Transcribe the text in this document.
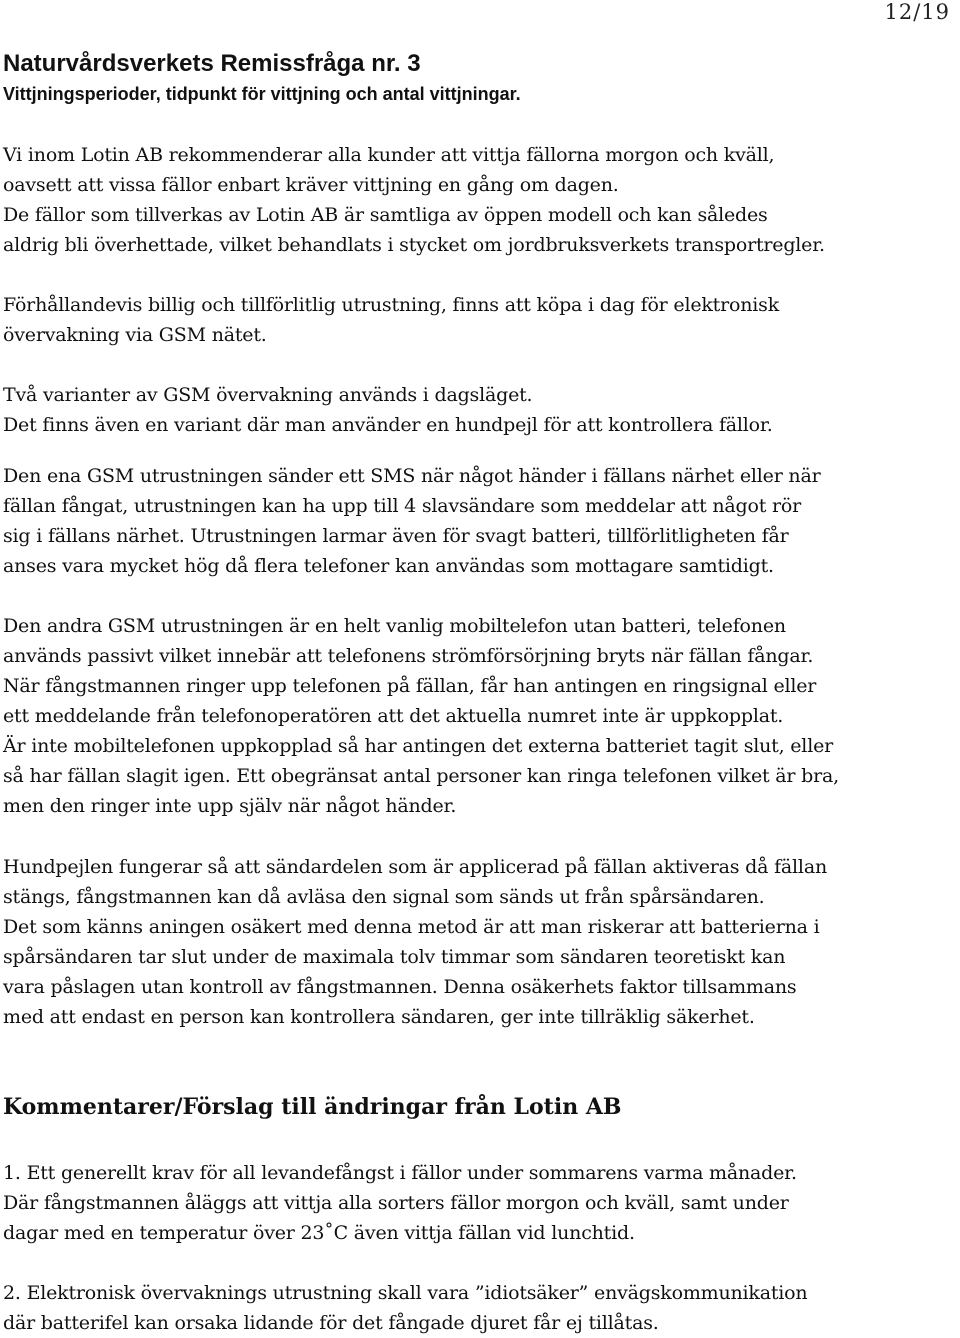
12/19
Naturvårdsverkets Remissfråga nr. 3
Vittjningsperioder, tidpunkt för vittjning och antal vittjningar.

Vi inom Lotin AB rekommenderar alla kunder att vittja fällorna morgon och kväll,
oavsett att vissa fällor enbart kräver vittjning en gång om dagen.
De fällor som tillverkas av Lotin AB är samtliga av öppen modell och kan således
aldrig bli överhettade, vilket behandlats i stycket om jordbruksverkets transportregler.

Förhållandevis billig och tillförlitlig utrustning, finns att köpa i dag för elektronisk
övervakning via GSM nätet.

Två varianter av GSM övervakning används i dagsläget.
Det finns även en variant där man använder en hundpejl för att kontrollera fällor.

Den ena GSM utrustningen sänder ett SMS när något händer i fällans närhet eller när
fällan fångat, utrustningen kan ha upp till 4 slavsändare som meddelar att något rör
sig i fällans närhet. Utrustningen larmar även för svagt batteri, tillförlitligheten får
anses vara mycket hög då flera telefoner kan användas som mottagare samtidigt.

Den andra GSM utrustningen är en helt vanlig mobiltelefon utan batteri, telefonen
används passivt vilket innebär att telefonens strömförsörjning bryts när fällan fångar.
När fångstmannen ringer upp telefonen på fällan, får han antingen en ringsignal eller
ett meddelande från telefonoperatören att det aktuella numret inte är uppkopplat.
Är inte mobiltelefonen uppkopplad så har antingen det externa batteriet tagit slut, eller
så har fällan slagit igen. Ett obegränsat antal personer kan ringa telefonen vilket är bra,
men den ringer inte upp själv när något händer.

Hundpejlen fungerar så att sändardelen som är applicerad på fällan aktiveras då fällan
stängs, fångstmannen kan då avläsa den signal som sänds ut från spårsändaren.
Det som känns aningen osäkert med denna metod är att man riskerar att batterierna i
spårsändaren tar slut under de maximala tolv timmar som sändaren teoretiskt kan
vara påslagen utan kontroll av fångstmannen. Denna osäkerhets faktor tillsammans
med att endast en person kan kontrollera sändaren, ger inte tillräklig säkerhet.

Kommentarer/Förslag till ändringar från Lotin AB

1. Ett generellt krav för all levandefångst i fällor under sommarens varma månader.
Där fångstmannen åläggs att vittja alla sorters fällor morgon och kväll, samt under
dagar med en temperatur över 23˚C även vittja fällan vid lunchtid.

2. Elektronisk övervaknings utrustning skall vara ”idiotsäker” envägskommunikation
där batterifel kan orsaka lidande för det fångade djuret får ej tillåtas.
